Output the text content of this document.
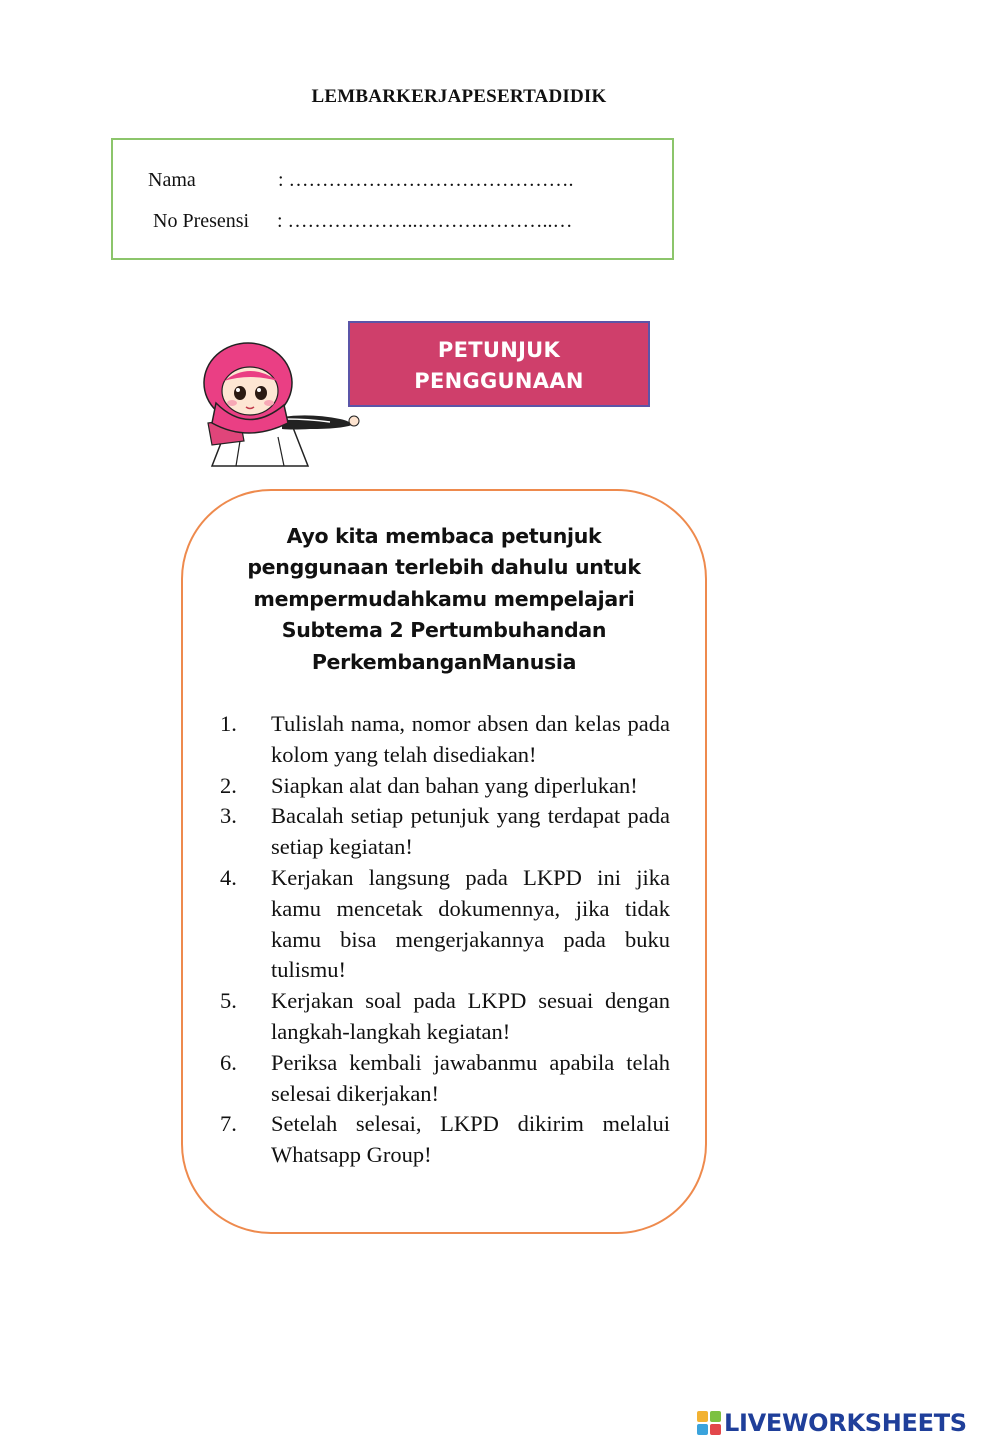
LEMBARKERJAPESERTADIDIK
Nama	: …………………………………….
No Presensi : ………………..……….………..…
PETUNJUK
PENGGUNAAN
Ayo kita membaca petunjuk
penggunaan terlebih dahulu untuk
mempermudahkamu mempelajari
Subtema 2 Pertumbuhandan
PerkembanganManusia
1. Tulislah nama, nomor absen dan kelas pada kolom yang telah disediakan!
2. Siapkan alat dan bahan yang diperlukan!
3. Bacalah setiap petunjuk yang terdapat pada setiap kegiatan!
4. Kerjakan langsung pada LKPD ini jika kamu mencetak dokumennya, jika tidak kamu bisa mengerjakannya pada buku tulismu!
5. Kerjakan soal pada LKPD sesuai dengan langkah-langkah kegiatan!
6. Periksa kembali jawabanmu apabila telah selesai dikerjakan!
7. Setelah selesai, LKPD dikirim melalui Whatsapp Group!
LIVEWORKSHEETS
